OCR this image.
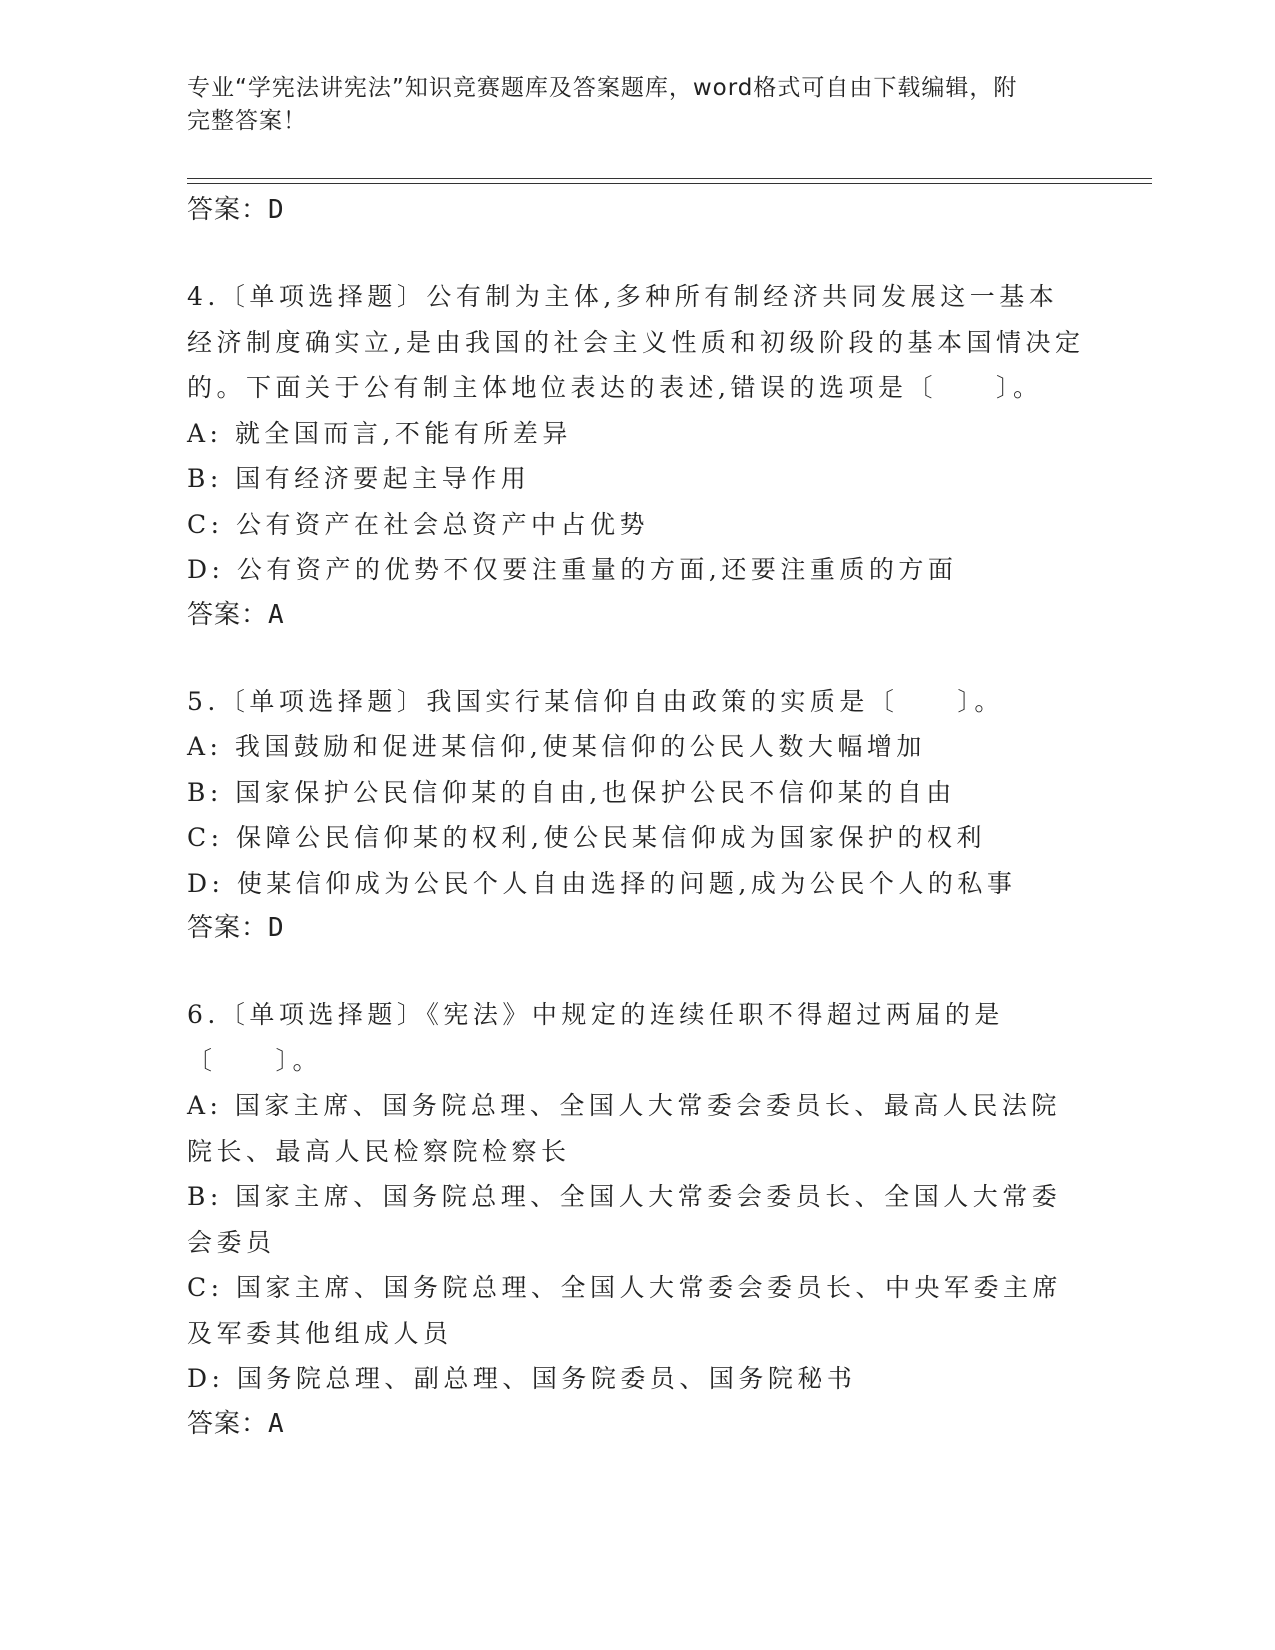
专业“学宪法讲宪法”知识竞赛题库及答案题库，word格式可自由下载编辑，附
完整答案！

答案：D

4.〔单项选择题〕公有制为主体,多种所有制经济共同发展这一基本经济制度确实立,是由我国的社会主义性质和初级阶段的基本国情决定的。下面关于公有制主体地位表达的表述,错误的选项是〔　　〕。

A: 就全国而言,不能有所差异

B: 国有经济要起主导作用

C: 公有资产在社会总资产中占优势

D: 公有资产的优势不仅要注重量的方面,还要注重质的方面

答案：A

5.〔单项选择题〕我国实行某信仰自由政策的实质是〔　　〕。

A: 我国鼓励和促进某信仰,使某信仰的公民人数大幅增加

B: 国家保护公民信仰某的自由,也保护公民不信仰某的自由

C: 保障公民信仰某的权利,使公民某信仰成为国家保护的权利

D: 使某信仰成为公民个人自由选择的问题,成为公民个人的私事

答案：D

6.〔单项选择题〕《宪法》中规定的连续任职不得超过两届的是〔　　〕。

A: 国家主席、国务院总理、全国人大常委会委员长、最高人民法院院长、最高人民检察院检察长

B: 国家主席、国务院总理、全国人大常委会委员长、全国人大常委会委员

C: 国家主席、国务院总理、全国人大常委会委员长、中央军委主席及军委其他组成人员

D: 国务院总理、副总理、国务院委员、国务院秘书

答案：A
